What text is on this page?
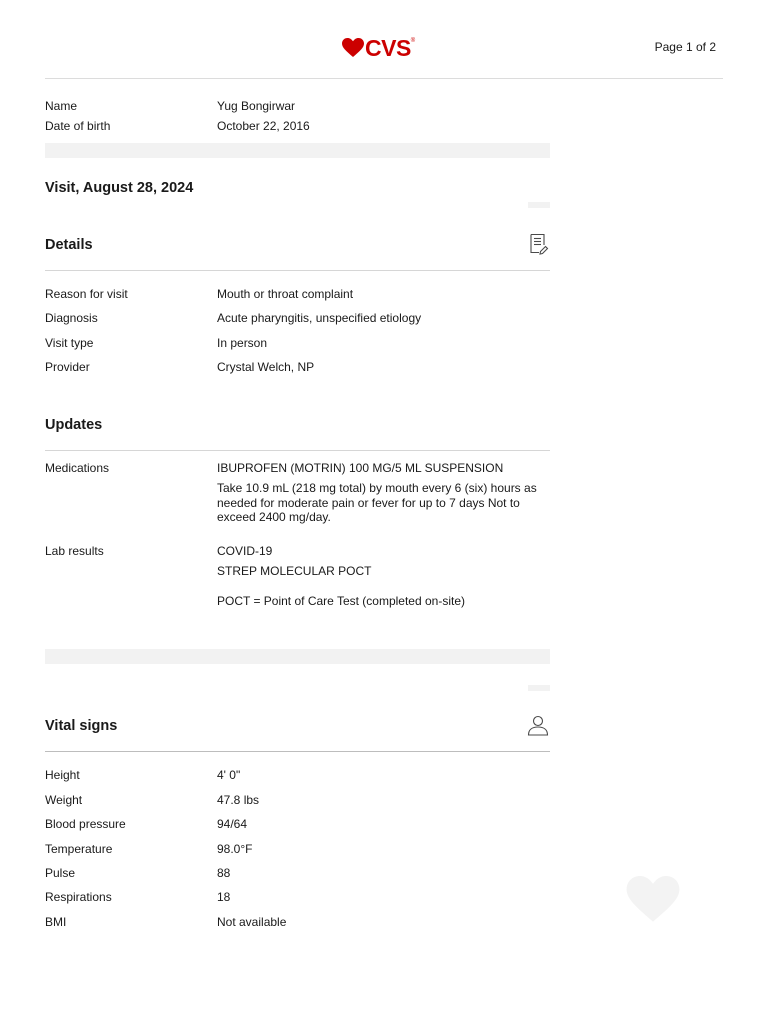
CVS ®	Page 1 of 2
Name	Yug Bongirwar
Date of birth	October 22, 2016
Visit, August 28, 2024
Details
Reason for visit	Mouth or throat complaint
Diagnosis	Acute pharyngitis, unspecified etiology
Visit type	In person
Provider	Crystal Welch, NP
Updates
Medications	IBUPROFEN (MOTRIN) 100 MG/5 ML SUSPENSION
Take 10.9 mL (218 mg total) by mouth every 6 (six) hours as
needed for moderate pain or fever for up to 7 days Not to
exceed 2400 mg/day.
Lab results	COVID-19
STREP MOLECULAR POCT
POCT = Point of Care Test (completed on-site)
Vital signs
Height	4' 0"
Weight	47.8 lbs
Blood pressure	94/64
Temperature	98.0°F
Pulse	88
Respirations	18
BMI	Not available
